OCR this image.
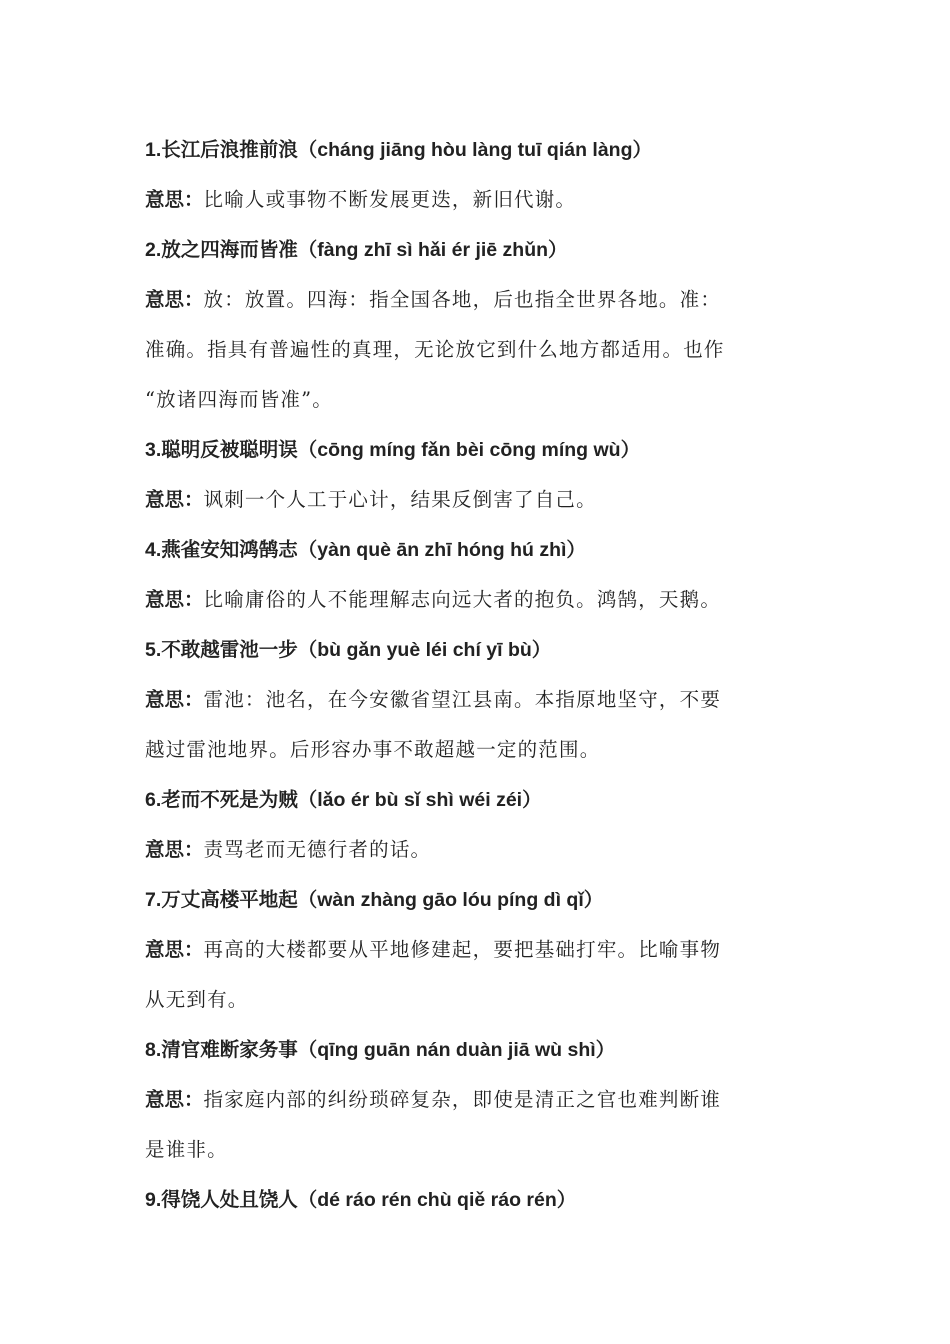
1.长江后浪推前浪（cháng jiāng hòu làng tuī qián làng）
意思：比喻人或事物不断发展更迭，新旧代谢。
2.放之四海而皆准（fàng zhī sì hǎi ér jiē zhǔn）
意思：放：放置。四海：指全国各地，后也指全世界各地。准：
准确。指具有普遍性的真理，无论放它到什么地方都适用。也作
“放诸四海而皆准”。
3.聪明反被聪明误（cōng míng fǎn bèi cōng míng wù）
意思：讽刺一个人工于心计，结果反倒害了自己。
4.燕雀安知鸿鹄志（yàn què ān zhī hóng hú zhì）
意思：比喻庸俗的人不能理解志向远大者的抱负。鸿鹄，天鹅。
5.不敢越雷池一步（bù gǎn yuè léi chí yī bù）
意思：雷池：池名，在今安徽省望江县南。本指原地坚守，不要
越过雷池地界。后形容办事不敢超越一定的范围。
6.老而不死是为贼（lǎo ér bù sǐ shì wéi zéi）
意思：责骂老而无德行者的话。
7.万丈高楼平地起（wàn zhàng gāo lóu píng dì qǐ）
意思：再高的大楼都要从平地修建起，要把基础打牢。比喻事物
从无到有。
8.清官难断家务事（qīng guān nán duàn jiā wù shì）
意思：指家庭内部的纠纷琐碎复杂，即使是清正之官也难判断谁
是谁非。
9.得饶人处且饶人（dé ráo rén chù qiě ráo rén）
